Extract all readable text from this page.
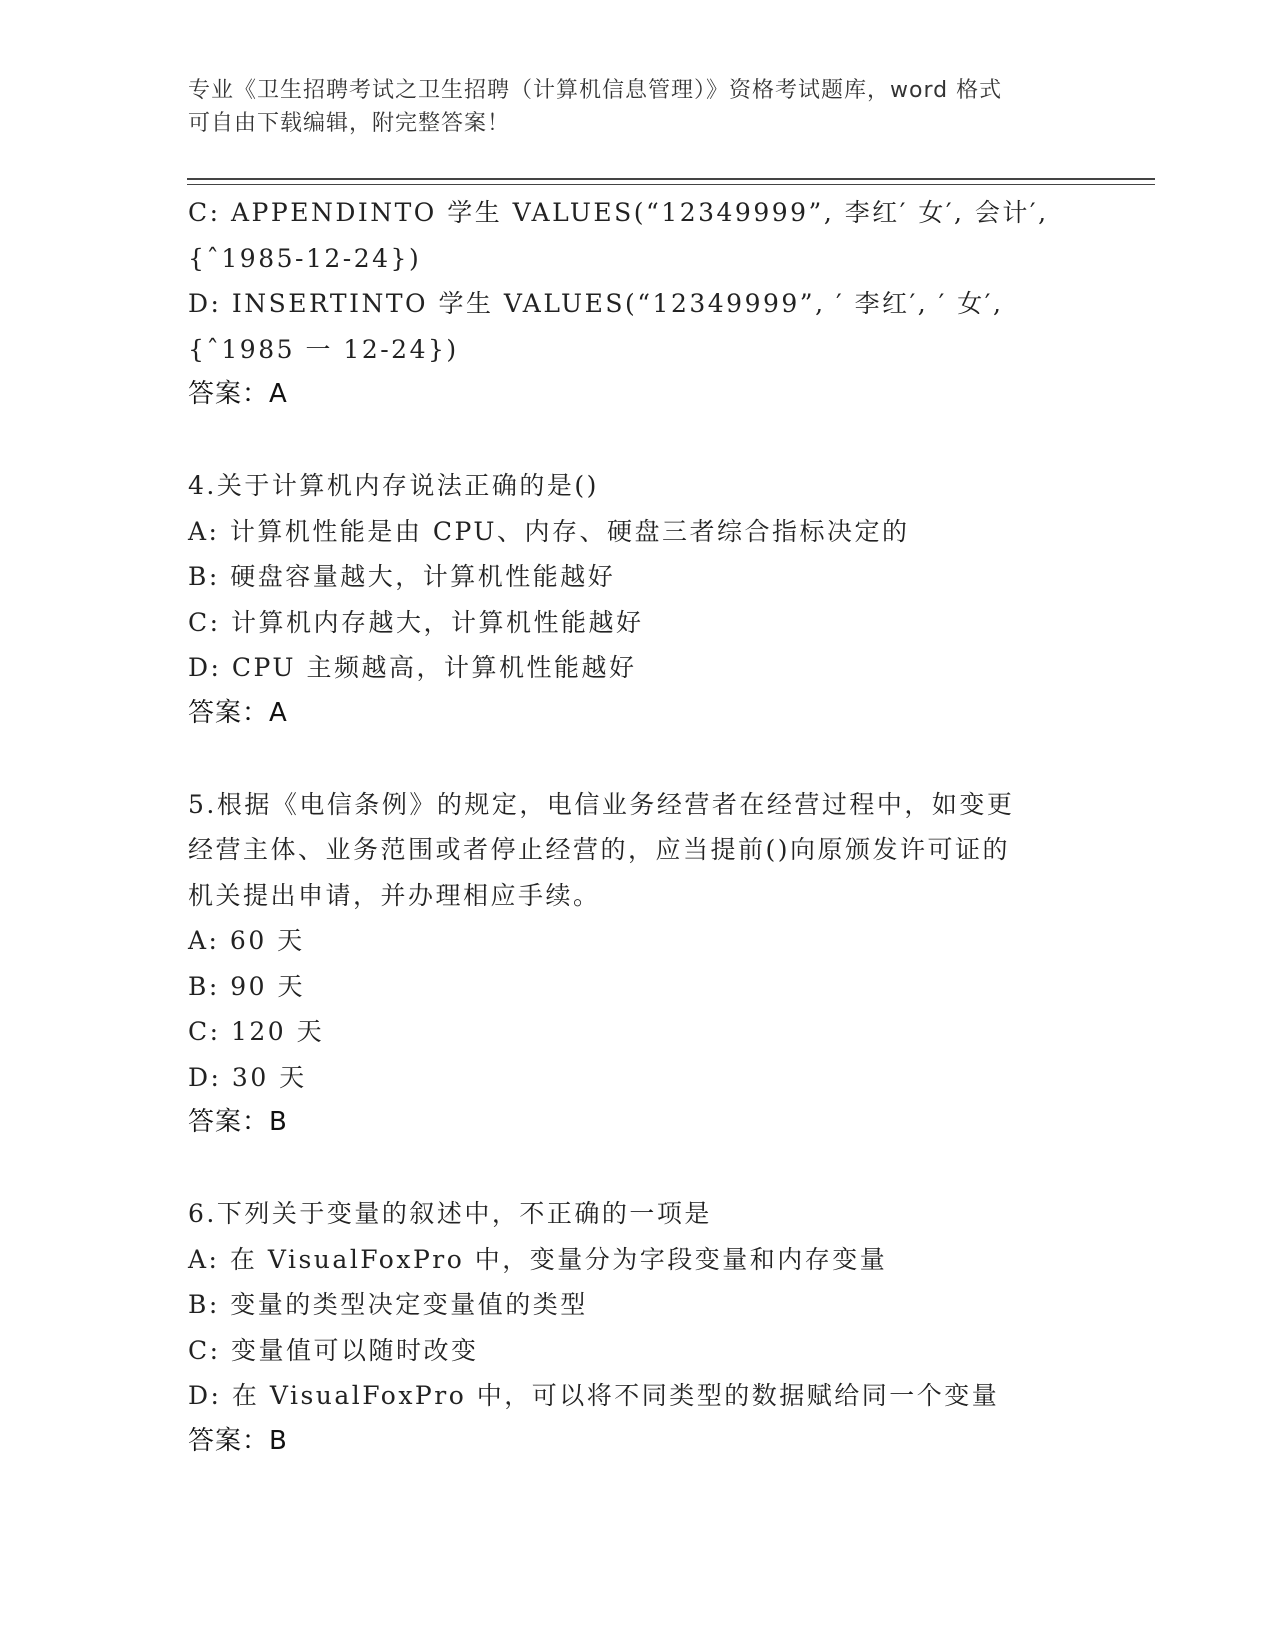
专业《卫生招聘考试之卫生招聘（计算机信息管理）》资格考试题库，word 格式
可自由下载编辑，附完整答案！
C: APPENDINTO 学生 VALUES(“12349999”, 李红′ 女′, 会计′,
{ˆ1985-12-24})
D: INSERTINTO 学生 VALUES(“12349999”, ′ 李红′, ′ 女′,
{ˆ1985 一 12-24})
答案：A
4.关于计算机内存说法正确的是()
A: 计算机性能是由 CPU、内存、硬盘三者综合指标决定的
B: 硬盘容量越大，计算机性能越好
C: 计算机内存越大，计算机性能越好
D: CPU 主频越高，计算机性能越好
答案：A
5.根据《电信条例》的规定，电信业务经营者在经营过程中，如变更
经营主体、业务范围或者停止经营的，应当提前()向原颁发许可证的
机关提出申请，并办理相应手续。
A: 60 天
B: 90 天
C: 120 天
D: 30 天
答案：B
6.下列关于变量的叙述中，不正确的一项是
A: 在 VisualFoxPro 中，变量分为字段变量和内存变量
B: 变量的类型决定变量值的类型
C: 变量值可以随时改变
D: 在 VisualFoxPro 中，可以将不同类型的数据赋给同一个变量
答案：B
